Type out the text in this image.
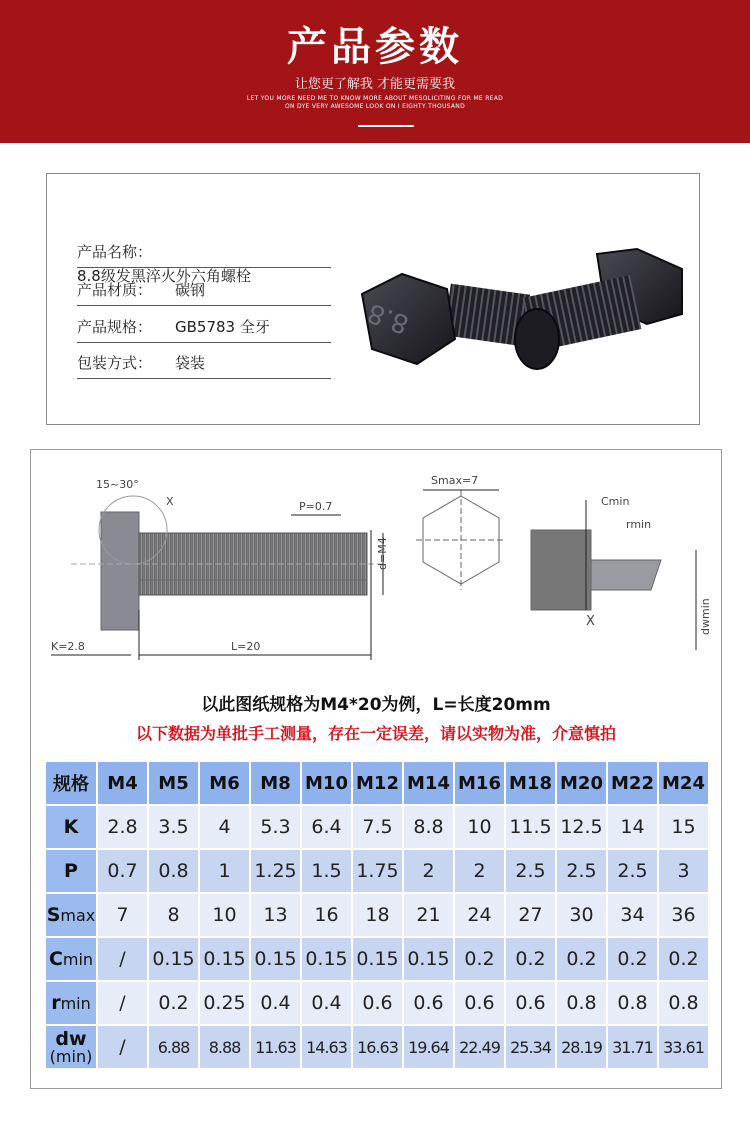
产品参数
让您更了解我 才能更需要我
LET YOU MORE NEED ME TO KNOW MORE ABOUT MESOLICITING FOR ME READ
ON DYE VERY AWESOME LOOK ON I EIGHTY THOUSAND
产品名称：8.8级发黑淬火外六角螺栓
产品材质： 碳钢
产品规格： GB5783 全牙
包装方式： 袋装
8.8
15~30°
X	P=0.7
d=M4
K=2.8	L=20
Smax=7
Cmin
rmin
dwmin
X
以此图纸规格为M4*20为例，L=长度20mm
以下数据为单批手工测量，存在一定误差，请以实物为准，介意慎拍
规格	M4	M5	M6	M8	M10	M12	M14	M16	M18	M20	M22	M24
K	2.8	3.5	4	5.3	6.4	7.5	8.8	10	11.5	12.5	14	15
P	0.7	0.8	1	1.25	1.5	1.75	2	2	2.5	2.5	2.5	3
Smax	7	8	10	13	16	18	21	24	27	30	34	36
Cmin	/	0.15	0.15	0.15	0.15	0.15	0.15	0.2	0.2	0.2	0.2	0.2
rmin	/	0.2	0.25	0.4	0.4	0.6	0.6	0.6	0.6	0.8	0.8	0.8

dw
(min)	/	6.88	8.88	11.63	14.63	16.63	19.64	22.49	25.34	28.19	31.71	33.61
